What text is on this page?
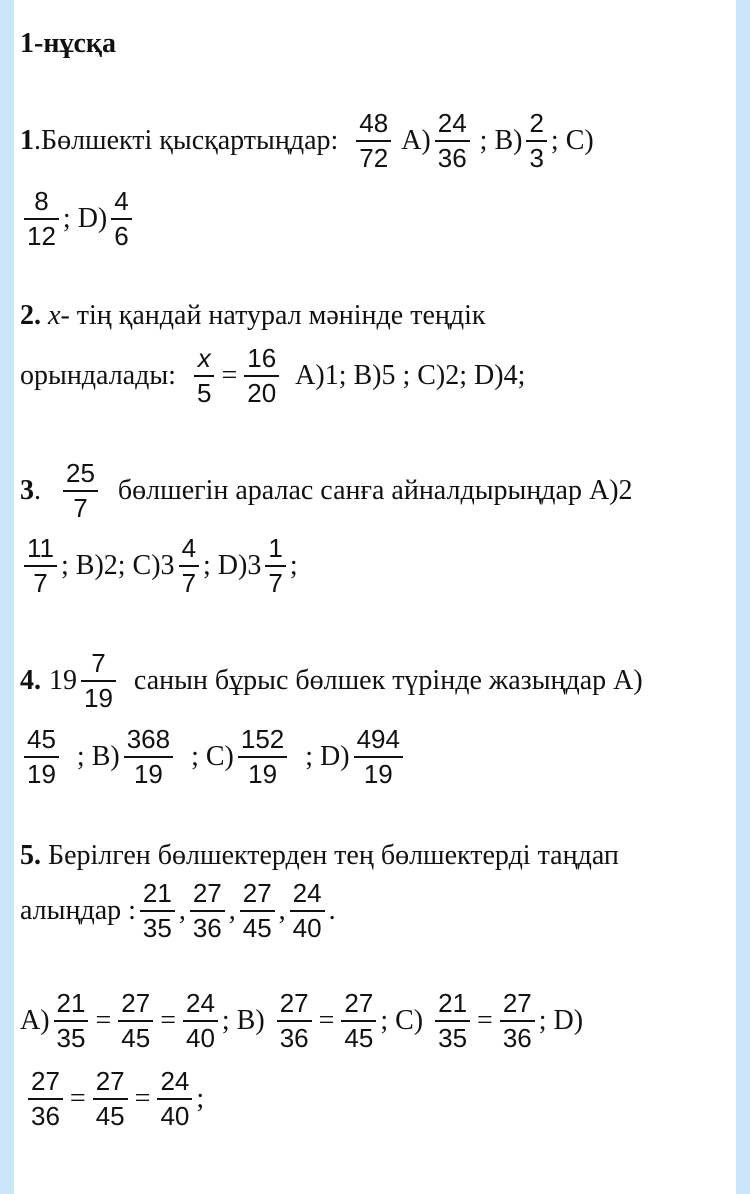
1-нұсқа
1 .Бөлшекті қысқартыңдар: $\frac{48}{72} A) \frac{24}{36}$ ; $B) \frac{2}{3}$ ; C)
$\frac{8}{12}$ ; $D) \frac{4}{6}$
2. x - тің қандай натурал мәнінде теңдік
орындалады: $\frac{x}{5} = \frac{16}{20} A)1$; B)5 ; C)2; D)4;
3 . $\frac{25}{7}$ бөлшегін аралас санға айналдырыңдар A)2
$\frac{11}{7}$ ; B)2; $C)3 \frac{4}{7}$ ; $D)3 \frac{1}{7}$ ;
4. $19 \frac{7}{19}$ санын бұрыс бөлшек түрінде жазыңдар A)
$\frac{45}{19}$ ; $B) \frac{368}{19}$ ; $C) \frac{152}{19}$ ; $D) \frac{494}{19}$
5. Берілген бөлшектерден тең бөлшектерді таңдап
алыңдар : $\frac{21}{35}$ , $\frac{27}{36}$ , $\frac{27}{45}$ , $\frac{24}{40}$ .
$A) \frac{21}{35} = \frac{27}{45} = \frac{24}{40}$ ; $B) \frac{27}{36} = \frac{27}{45}$ ; $C) \frac{21}{35} = \frac{27}{36}$ ; D)
$\frac{27}{36} = \frac{27}{45} = \frac{24}{40}$ ;
